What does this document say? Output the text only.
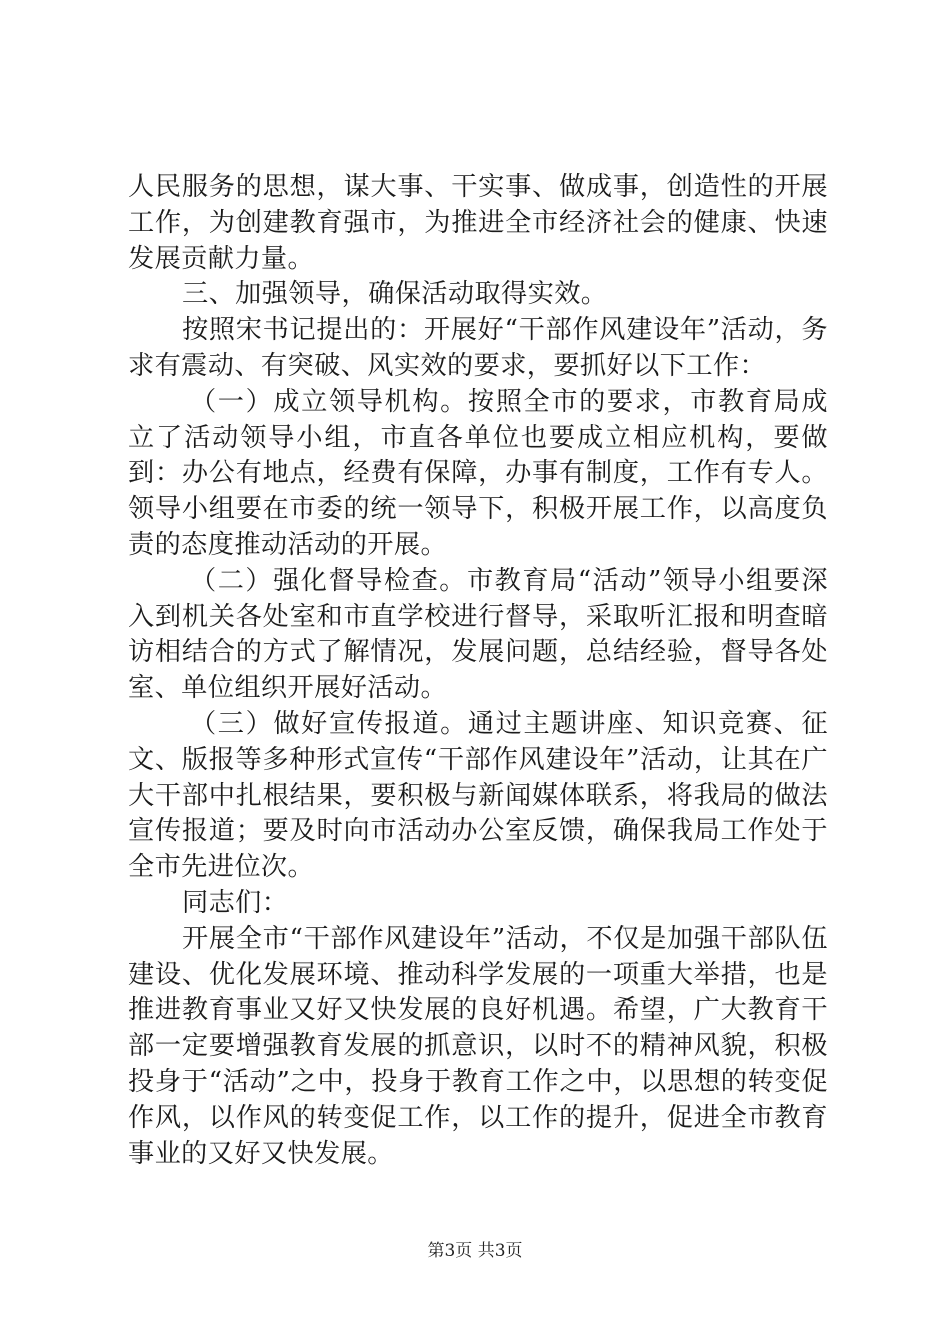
人民服务的思想，谋大事、干实事、做成事，创造性的开展工作，为创建教育强市，为推进全市经济社会的健康、快速发展贡献力量。

三、加强领导，确保活动取得实效。

按照宋书记提出的：开展好“干部作风建设年”活动，务求有震动、有突破、风实效的要求，要抓好以下工作：

（一）成立领导机构。按照全市的要求，市教育局成立了活动领导小组，市直各单位也要成立相应机构，要做到：办公有地点，经费有保障，办事有制度，工作有专人。领导小组要在市委的统一领导下，积极开展工作，以高度负责的态度推动活动的开展。

（二）强化督导检查。市教育局“活动”领导小组要深入到机关各处室和市直学校进行督导，采取听汇报和明查暗访相结合的方式了解情况，发展问题，总结经验，督导各处室、单位组织开展好活动。

（三）做好宣传报道。通过主题讲座、知识竞赛、征文、版报等多种形式宣传“干部作风建设年”活动，让其在广大干部中扎根结果，要积极与新闻媒体联系，将我局的做法宣传报道；要及时向市活动办公室反馈，确保我局工作处于全市先进位次。

同志们：

开展全市“干部作风建设年”活动，不仅是加强干部队伍建设、优化发展环境、推动科学发展的一项重大举措，也是推进教育事业又好又快发展的良好机遇。希望，广大教育干部一定要增强教育发展的抓意识，以时不的精神风貌，积极投身于“活动”之中，投身于教育工作之中，以思想的转变促作风，以作风的转变促工作，以工作的提升，促进全市教育事业的又好又快发展。

第3页 共3页
